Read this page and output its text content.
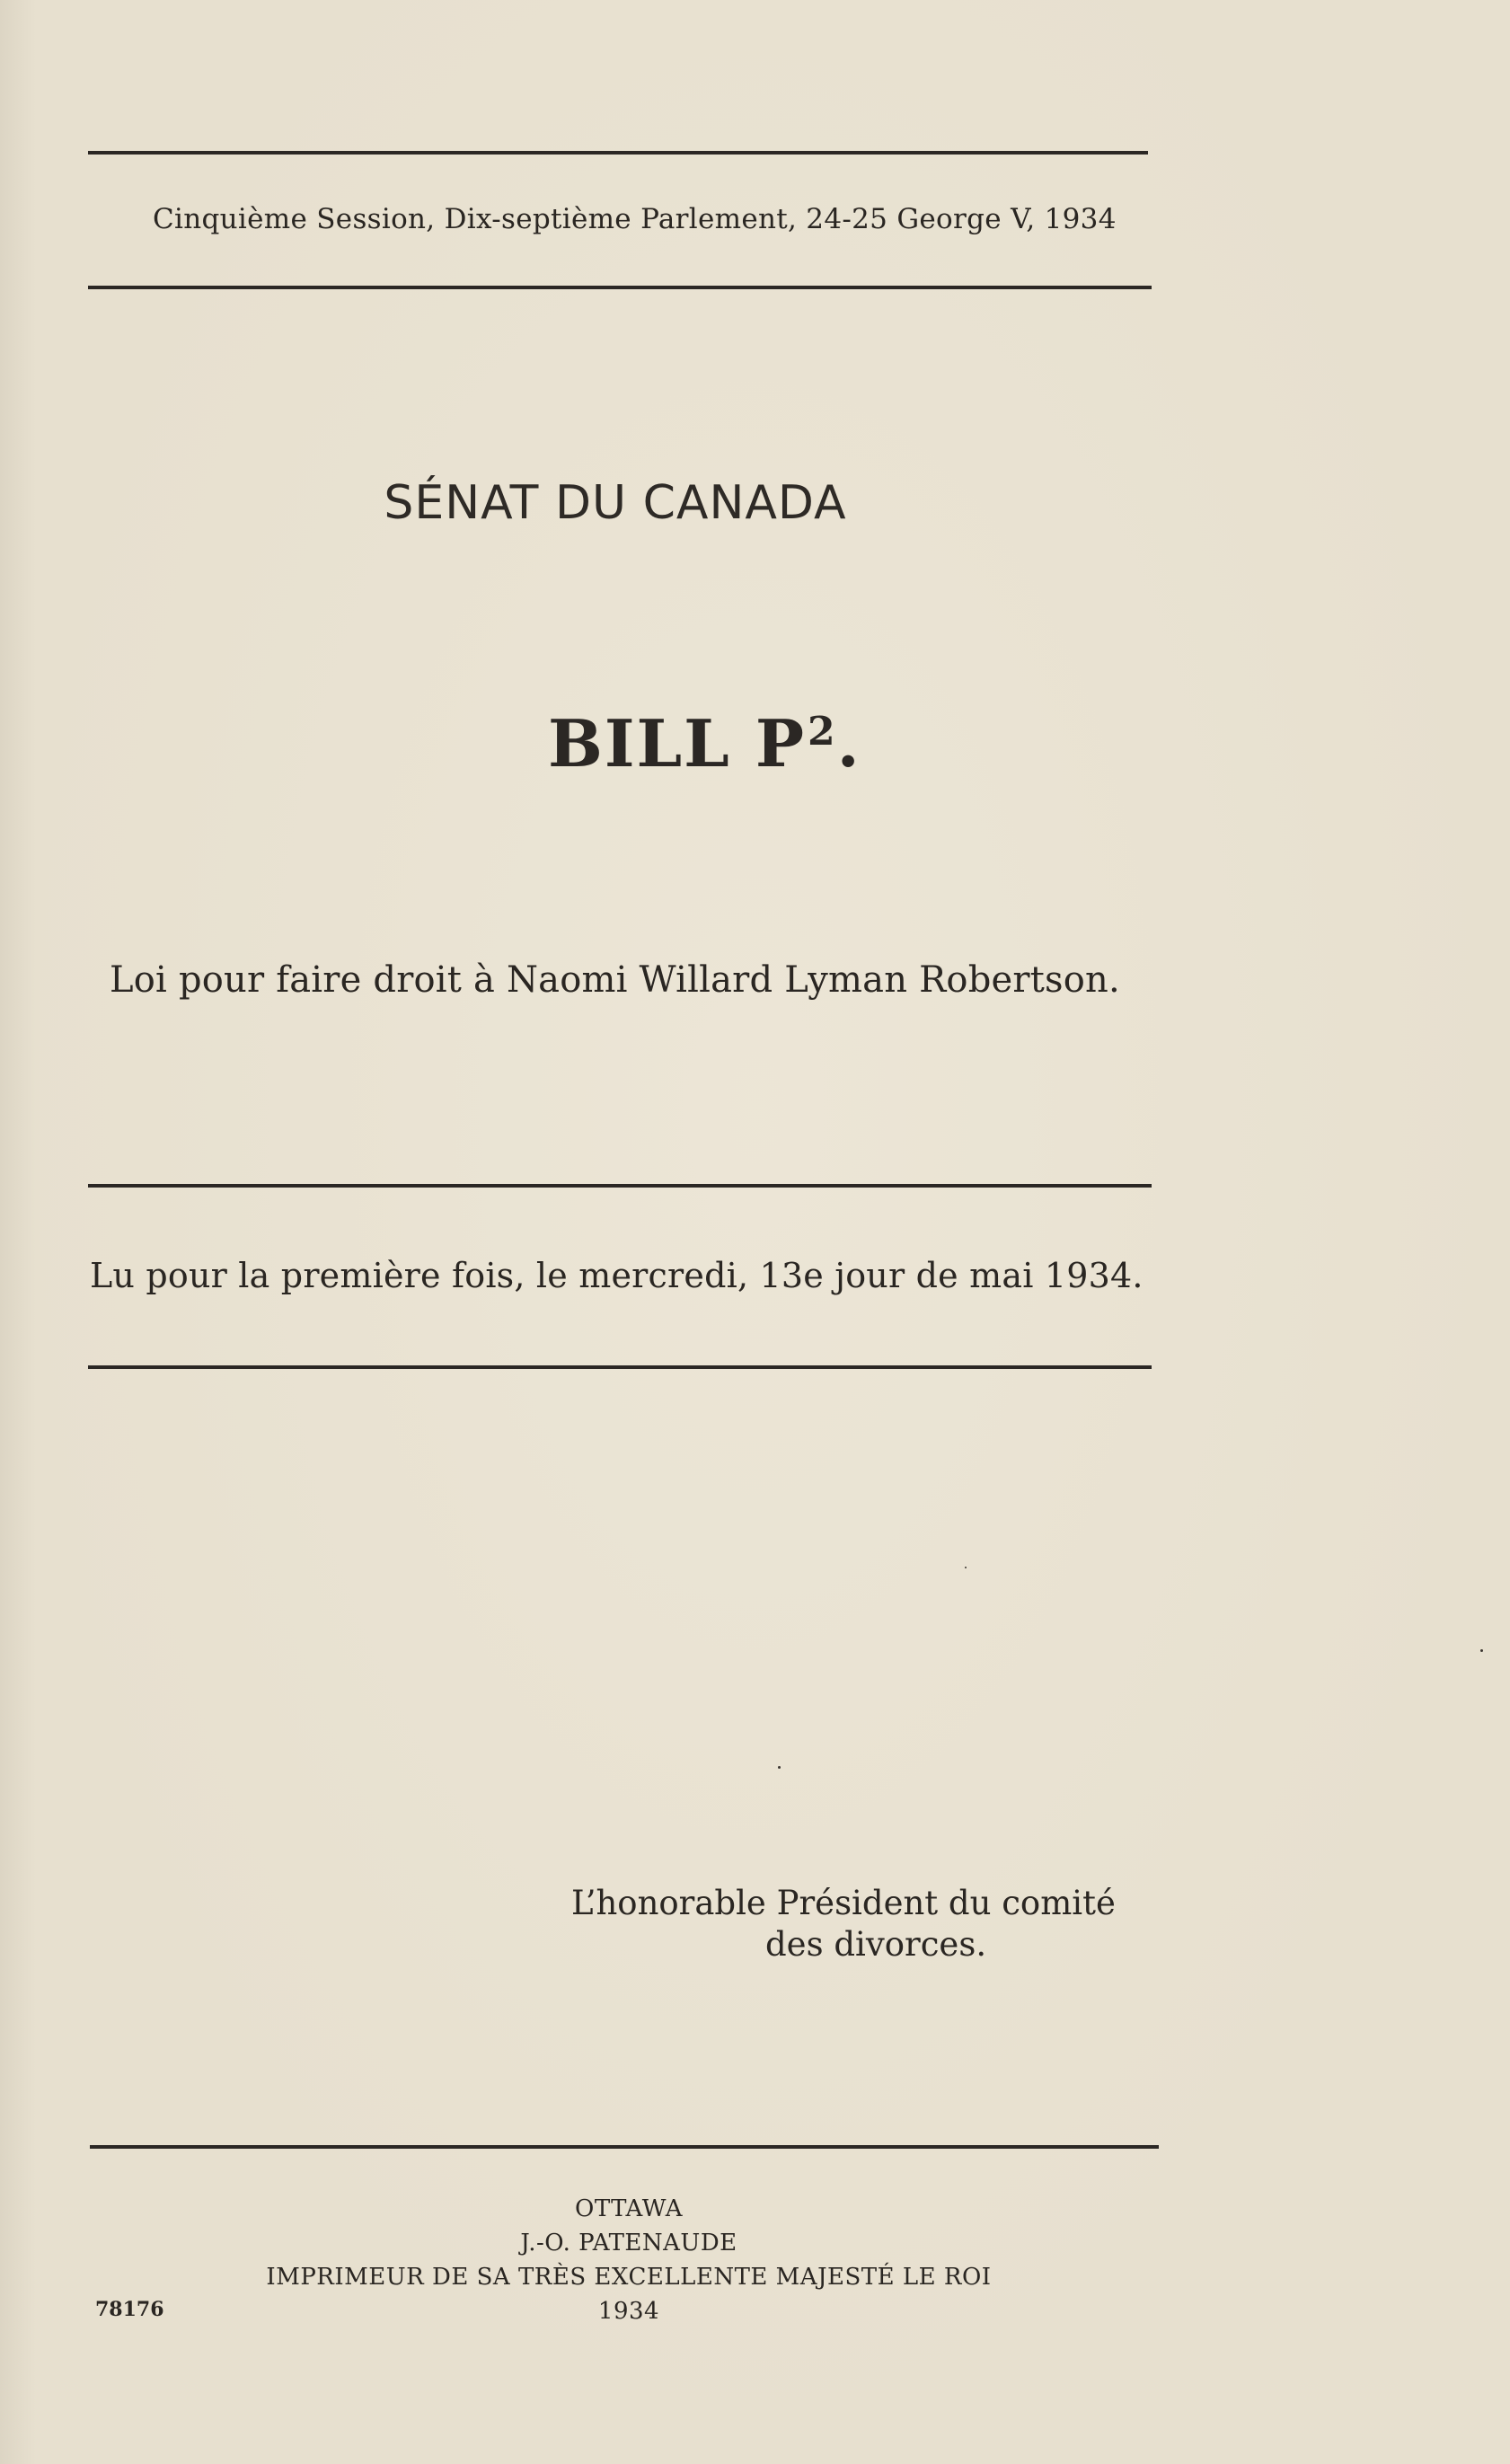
Cinquième Session, Dix-septième Parlement, 24-25 George V, 1934
SÉNAT DU CANADA
BILL $P^2$.
Loi pour faire droit à Naomi Willard Lyman Robertson.
Lu pour la première fois, le mercredi, 13e jour de mai 1934.
L’honorable Président du comité
des divorces.
OTTAWA
J.-O. PATENAUDE
IMPRIMEUR DE SA TRÈS EXCELLENTE MAJESTÉ LE ROI
1934
78176
